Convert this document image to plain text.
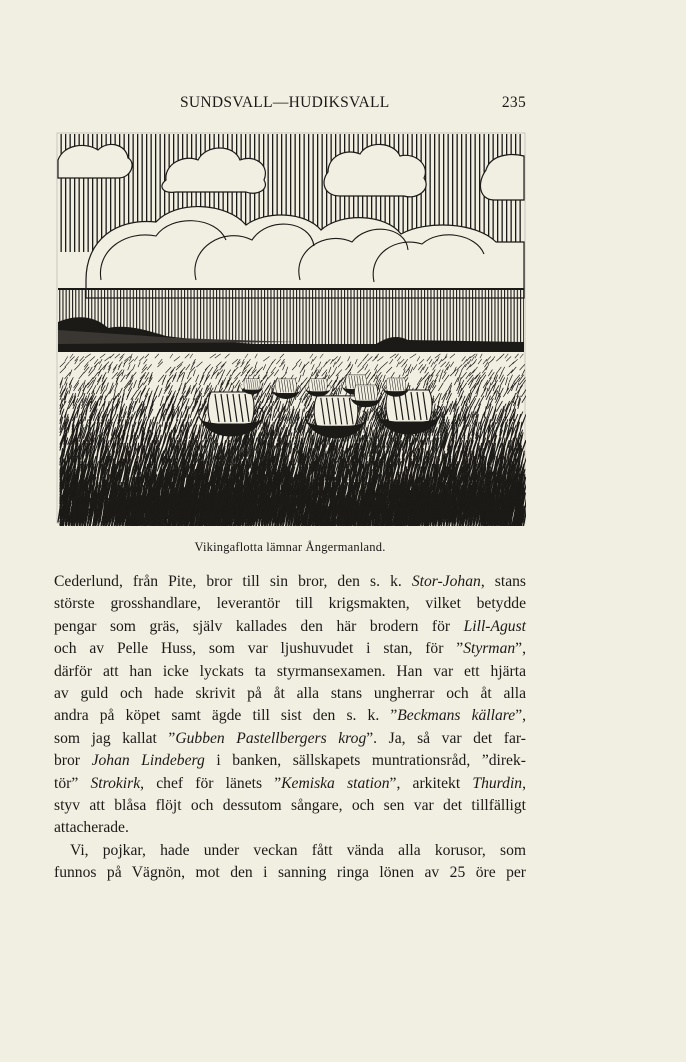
SUNDSVALL—HUDIKSVALL	235
Vikingaflotta lämnar Ångermanland.

Cederlund, från Pite, bror till sin bror, den s. k. Stor-Johan, stans

störste grosshandlare, leverantör till krigsmakten, vilket betydde

pengar som gräs, själv kallades den här brodern för Lill-Agust

och av Pelle Huss, som var ljushuvudet i stan, för ”Styrman”,

därför att han icke lyckats ta styrmansexamen. Han var ett hjärta

av guld och hade skrivit på åt alla stans ungherrar och åt alla

andra på köpet samt ägde till sist den s. k. ”Beckmans källare”,

som jag kallat ”Gubben Pastellbergers krog”. Ja, så var det far-

bror Johan Lindeberg i banken, sällskapets muntrationsråd, ”direk-

tör” Strokirk, chef för länets ”Kemiska station”, arkitekt Thurdin,

styv att blåsa flöjt och dessutom sångare, och sen var det tillfälligt

attacherade.

Vi, pojkar, hade under veckan fått vända alla korusor, som

funnos på Vägnön, mot den i sanning ringa lönen av 25 öre per
